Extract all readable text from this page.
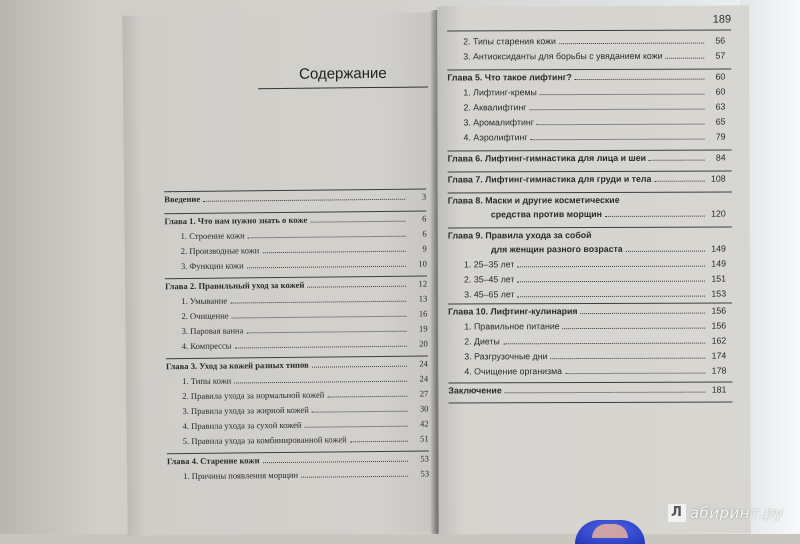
Содержание
Введение	3
Глава 1. Что нам нужно знать о коже	6
1. Строение кожи	6
2. Производные кожи	9
3. Функции кожи	10
Глава 2. Правильный уход за кожей	12
1. Умывание	13
2. Очищение	16
3. Паровая ванна	19
4. Компрессы	20
Глава 3. Уход за кожей разных типов	24
1. Типы кожи	24
2. Правила ухода за нормальной кожей	27
3. Правила ухода за жирной кожей	30
4. Правила ухода за сухой кожей	42
5. Правила ухода за комбинированной кожей	51
Глава 4. Старение кожи	53
1. Причины появления морщин	53
189
2. Типы старения кожи	56
3. Антиоксиданты для борьбы с увяданием кожи	57
Глава 5. Что такое лифтинг?	60
1. Лифтинг-кремы	60
2. Аквалифтинг	63
3. Аромалифтинг	65
4. Аэролифтинг	79
Глава 6. Лифтинг-гимнастика для лица и шеи	84
Глава 7. Лифтинг-гимнастика для груди и тела	108
Глава 8. Маски и другие косметические
средства против морщин	120
Глава 9. Правила ухода за собой
для женщин разного возраста	149
1. 25–35 лет	149
2. 35–45 лет	151
3. 45–65 лет	153
Глава 10. Лифтинг-кулинария	156
1. Правильное питание	156
2. Диеты	162
3. Разгрузочные дни	174
4. Очищение организма	178
Заключение	181
Л абиринт.ру
